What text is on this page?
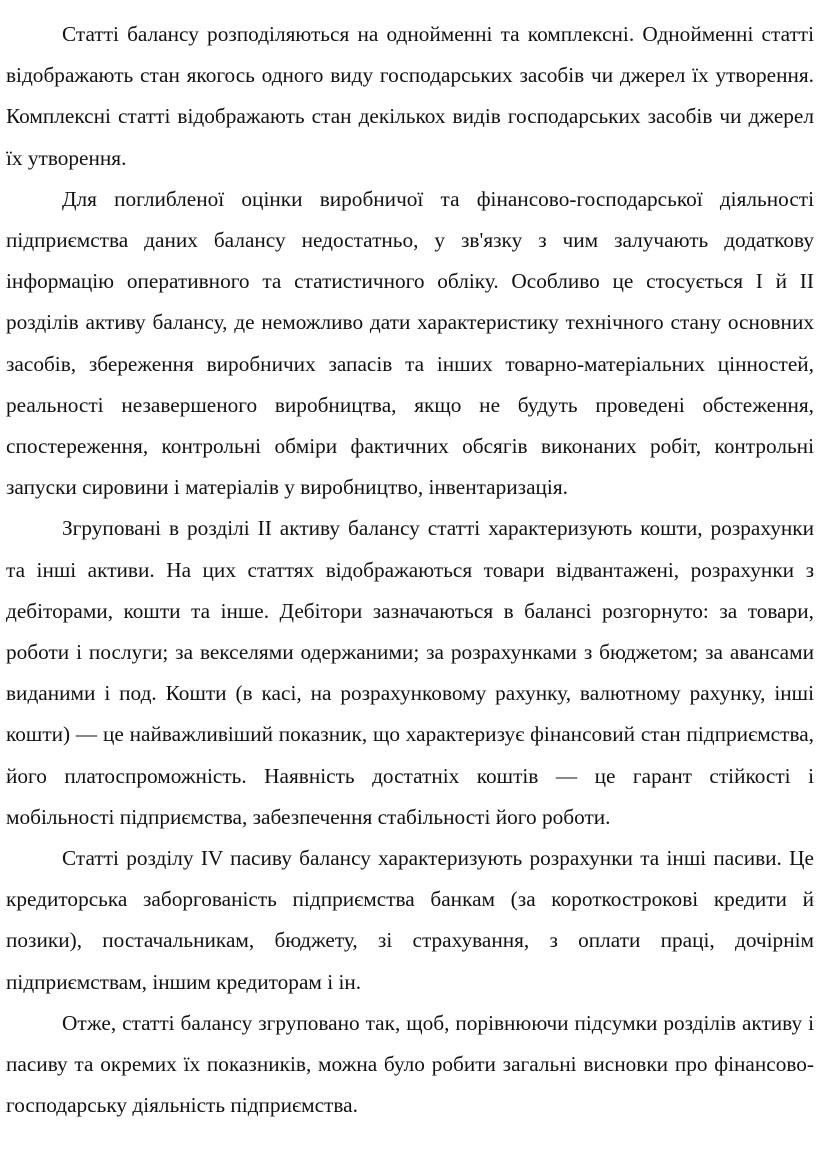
Статті балансу розподіляються на однойменні та комплексні. Однойменні статті відображають стан якогось одного виду господарських засобів чи джерел їх утворення. Комплексні статті відображають стан декількох видів господарських засобів чи джерел їх утворення.

Для поглибленої оцінки виробничої та фінансово-господарської діяльності підприємства даних балансу недостатньо, у зв'язку з чим залучають додаткову інформацію оперативного та статистичного обліку. Особливо це стосується І й II розділів активу балансу, де неможливо дати характеристику технічного стану основних засобів, збереження виробничих запасів та інших товарно-матеріальних цінностей, реальності незавершеного виробництва, якщо не будуть проведені обстеження, спостереження, контрольні обміри фактичних обсягів виконаних робіт, контрольні запуски сировини і матеріалів у виробництво, інвентаризація.

Згруповані в розділі II активу балансу статті характеризують кошти, розрахунки та інші активи. На цих статтях відображаються товари відвантажені, розрахунки з дебіторами, кошти та інше. Дебітори зазначаються в балансі розгорнуто: за товари, роботи і послуги; за векселями одержаними; за розрахунками з бюджетом; за авансами виданими і под. Кошти (в касі, на розрахунковому рахунку, валютному рахунку, інші кошти) — це найважливіший показник, що характеризує фінансовий стан підприємства, його платоспроможність. Наявність достатніх коштів — це гарант стійкості і мобільності підприємства, забезпечення стабільності його роботи.

Статті розділу IV пасиву балансу характеризують розрахунки та інші пасиви. Це кредиторська заборгованість підприємства банкам (за короткострокові кредити й позики), постачальникам, бюджету, зі страхування, з оплати праці, дочірнім підприємствам, іншим кредиторам і ін.

Отже, статті балансу згруповано так, щоб, порівнюючи підсумки розділів активу і пасиву та окремих їх показників, можна було робити загальні висновки про фінансово-господарську діяльність підприємства.
